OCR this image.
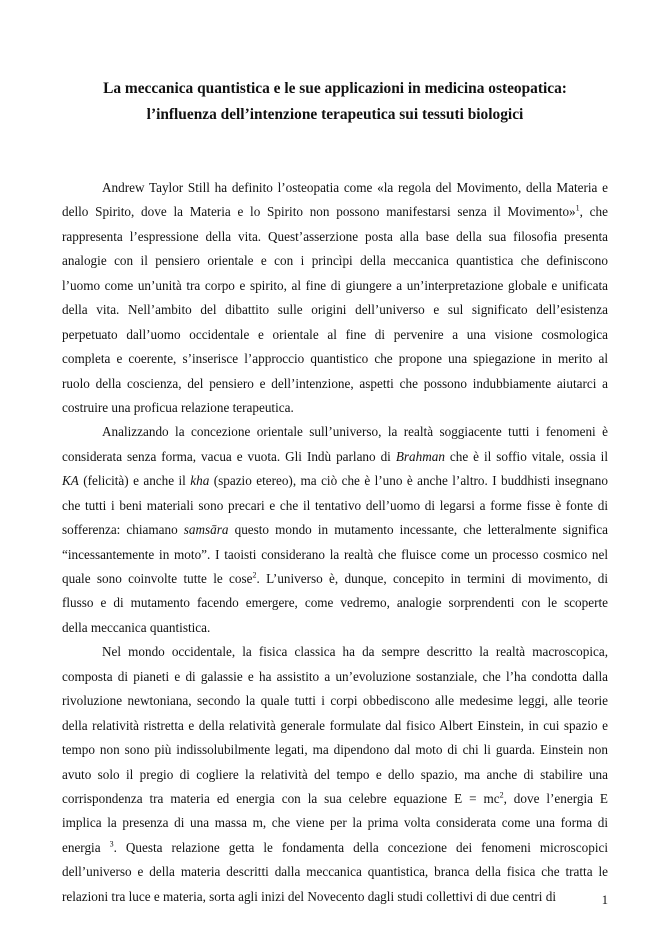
La meccanica quantistica e le sue applicazioni in medicina osteopatica:
l’influenza dell’intenzione terapeutica sui tessuti biologici
Andrew Taylor Still ha definito l’osteopatia come «la regola del Movimento, della Materia e
dello Spirito, dove la Materia e lo Spirito non possono manifestarsi senza il Movimento»$^1$, che
rappresenta l’espressione della vita. Quest’asserzione posta alla base della sua filosofia presenta
analogie con il pensiero orientale e con i princìpi della meccanica quantistica che definiscono
l’uomo come un’unità tra corpo e spirito, al fine di giungere a un’interpretazione globale e unificata
della vita. Nell’ambito del dibattito sulle origini dell’universo e sul significato dell’esistenza
perpetuato dall’uomo occidentale e orientale al fine di pervenire a una visione cosmologica
completa e coerente, s’inserisce l’approccio quantistico che propone una spiegazione in merito al
ruolo della coscienza, del pensiero e dell’intenzione, aspetti che possono indubbiamente aiutarci a
costruire una proficua relazione terapeutica.
Analizzando la concezione orientale sull’universo, la realtà soggiacente tutti i fenomeni è
considerata senza forma, vacua e vuota. Gli Indù parlano di Brahman che è il soffio vitale, ossia il
KA (felicità) e anche il kha (spazio etereo), ma ciò che è l’uno è anche l’altro. I buddhisti insegnano
che tutti i beni materiali sono precari e che il tentativo dell’uomo di legarsi a forme fisse è fonte di
sofferenza: chiamano samsāra questo mondo in mutamento incessante, che letteralmente significa
“incessantemente in moto”. I taoisti considerano la realtà che fluisce come un processo cosmico nel
quale sono coinvolte tutte le cose$^2$. L’universo è, dunque, concepito in termini di movimento, di
flusso e di mutamento facendo emergere, come vedremo, analogie sorprendenti con le scoperte
della meccanica quantistica.
Nel mondo occidentale, la fisica classica ha da sempre descritto la realtà macroscopica,
composta di pianeti e di galassie e ha assistito a un’evoluzione sostanziale, che l’ha condotta dalla
rivoluzione newtoniana, secondo la quale tutti i corpi obbediscono alle medesime leggi, alle teorie
della relatività ristretta e della relatività generale formulate dal fisico Albert Einstein, in cui spazio e
tempo non sono più indissolubilmente legati, ma dipendono dal moto di chi li guarda. Einstein non
avuto solo il pregio di cogliere la relatività del tempo e dello spazio, ma anche di stabilire una
corrispondenza tra materia ed energia con la sua celebre equazione $E = mc^2$, dove l’energia E
implica la presenza di una massa m, che viene per la prima volta considerata come una forma di
energia $^3$. Questa relazione getta le fondamenta della concezione dei fenomeni microscopici
dell’universo e della materia descritti dalla meccanica quantistica, branca della fisica che tratta le
relazioni tra luce e materia, sorta agli inizi del Novecento dagli studi collettivi di due centri di	1
